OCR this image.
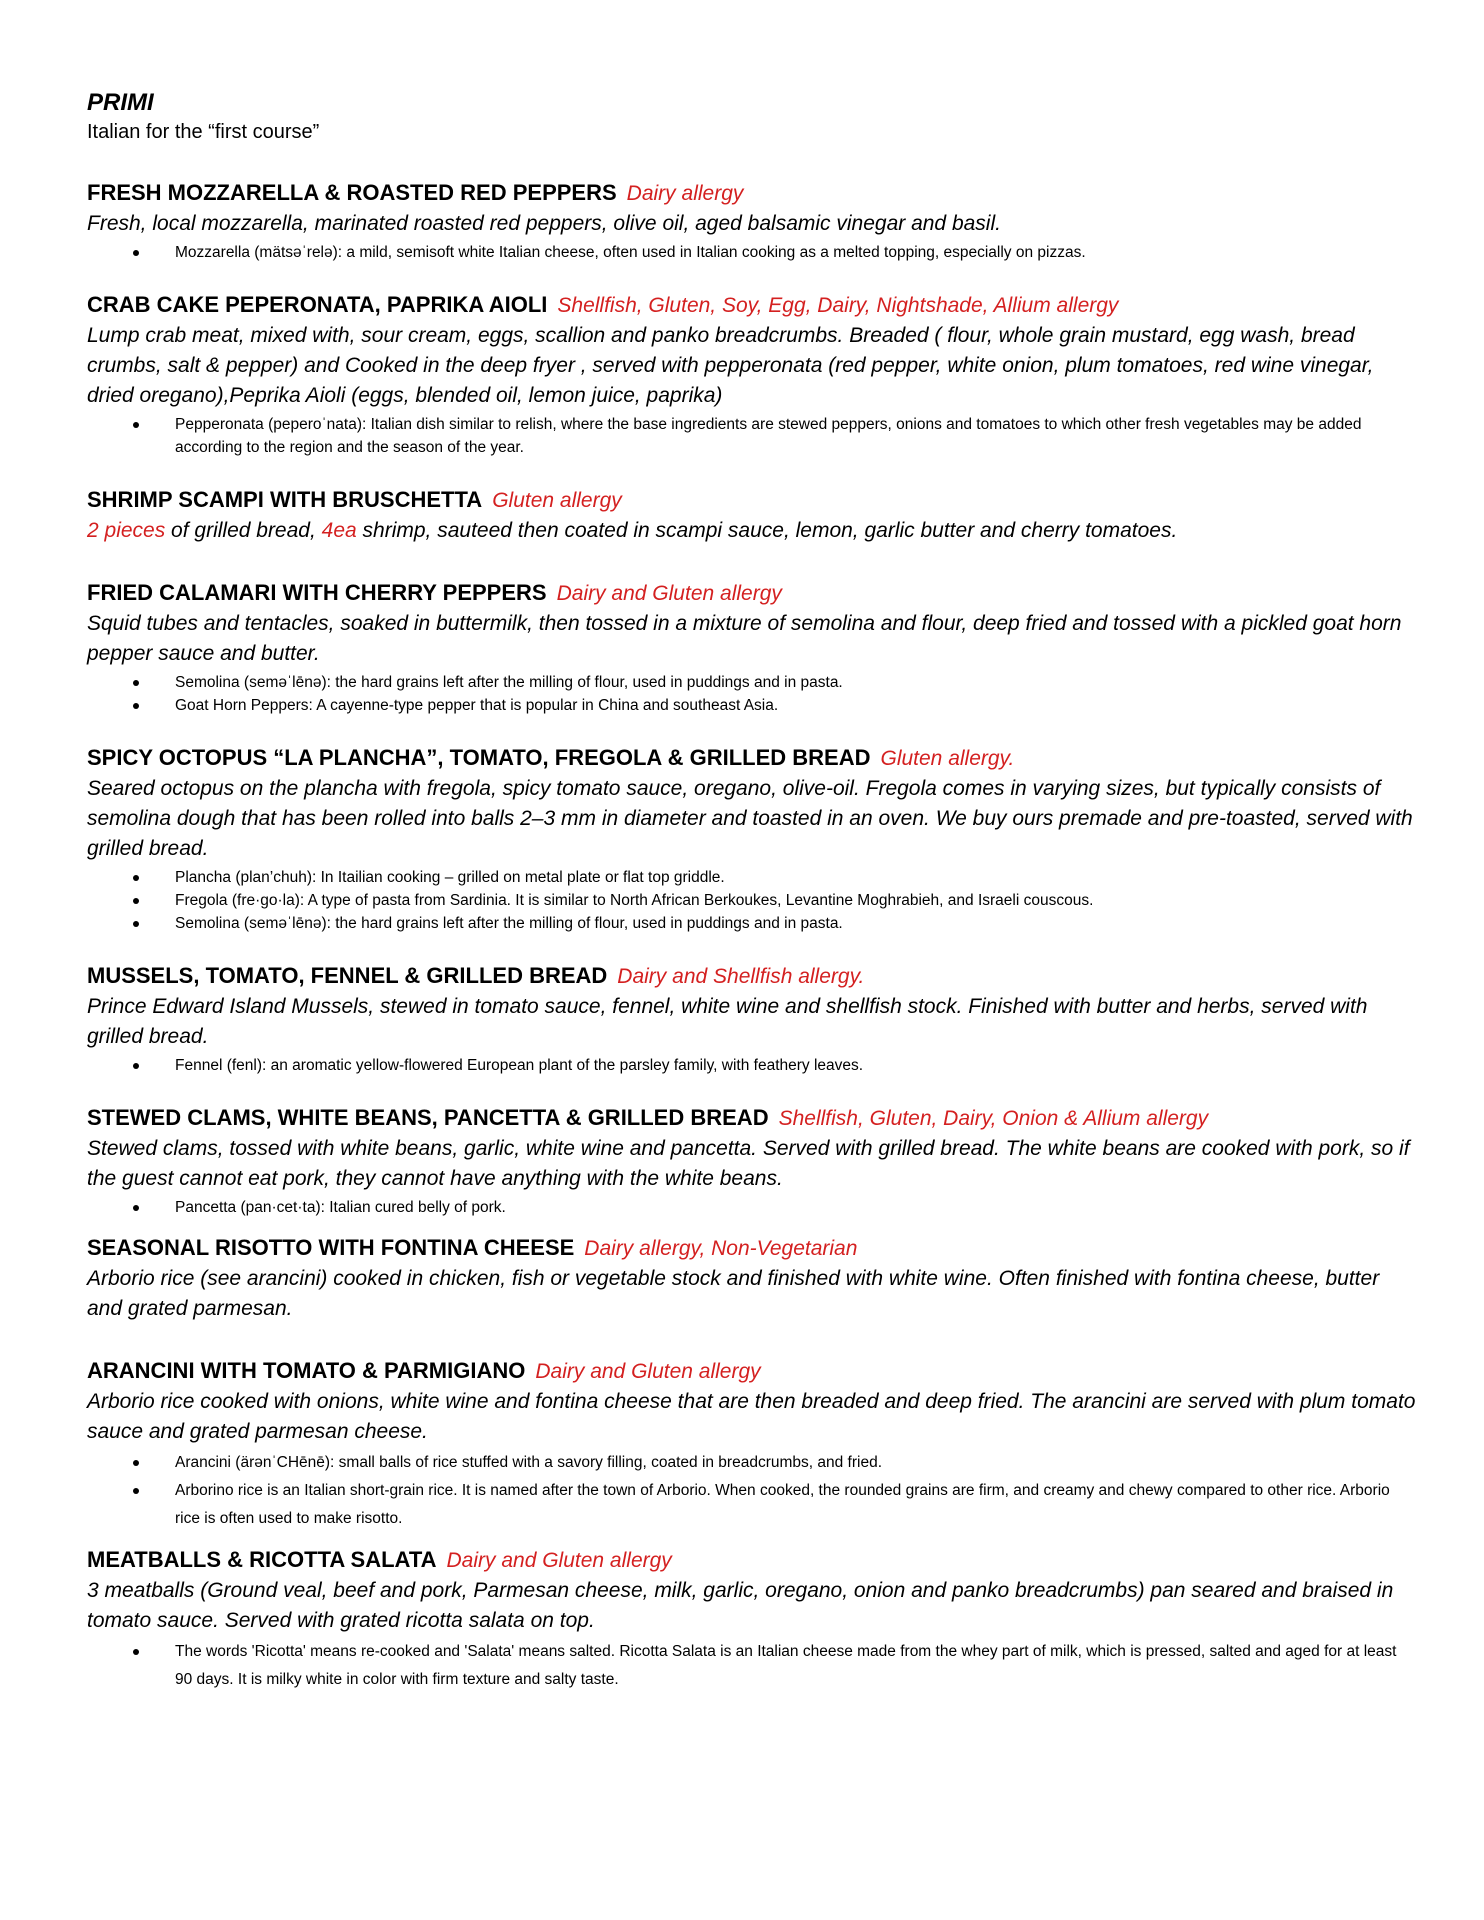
PRIMI

Italian for the “first course”

FRESH MOZZARELLA & ROASTED RED PEPPERS Dairy allergy

Fresh, local mozzarella, marinated roasted red peppers, olive oil, aged balsamic vinegar and basil.

Mozzarella (mätsəˈrelə): a mild, semisoft white Italian cheese, often used in Italian cooking as a melted topping, especially on pizzas.

CRAB CAKE PEPERONATA, PAPRIKA AIOLI Shellfish, Gluten, Soy, Egg, Dairy, Nightshade, Allium allergy

Lump crab meat, mixed with, sour cream, eggs, scallion and panko breadcrumbs. Breaded ( flour, whole grain mustard, egg wash, bread crumbs, salt & pepper) and Cooked in the deep fryer , served with pepperonata (red pepper, white onion, plum tomatoes, red wine vinegar, dried oregano),Peprika Aioli (eggs, blended oil, lemon juice, paprika)

Pepperonata (peperoˈnata): Italian dish similar to relish, where the base ingredients are stewed peppers, onions and tomatoes to which other fresh vegetables may be added according to the region and the season of the year.

SHRIMP SCAMPI WITH BRUSCHETTA Gluten allergy

2 pieces of grilled bread, 4ea shrimp, sauteed then coated in scampi sauce, lemon, garlic butter and cherry tomatoes.

FRIED CALAMARI WITH CHERRY PEPPERS Dairy and Gluten allergy

Squid tubes and tentacles, soaked in buttermilk, then tossed in a mixture of semolina and flour, deep fried and tossed with a pickled goat horn pepper sauce and butter.

Semolina (seməˈlēnə): the hard grains left after the milling of flour, used in puddings and in pasta.
Goat Horn Peppers: A cayenne-type pepper that is popular in China and southeast Asia.

SPICY OCTOPUS “LA PLANCHA”, TOMATO, FREGOLA & GRILLED BREAD Gluten allergy.

Seared octopus on the plancha with fregola, spicy tomato sauce, oregano, olive-oil. Fregola comes in varying sizes, but typically consists of semolina dough that has been rolled into balls 2–3 mm in diameter and toasted in an oven. We buy ours premade and pre-toasted, served with grilled bread.

Plancha (plan’chuh): In Itailian cooking – grilled on metal plate or flat top griddle.
Fregola (fre·go·la): A type of pasta from Sardinia. It is similar to North African Berkoukes, Levantine Moghrabieh, and Israeli couscous.
Semolina (seməˈlēnə): the hard grains left after the milling of flour, used in puddings and in pasta.

MUSSELS, TOMATO, FENNEL & GRILLED BREAD Dairy and Shellfish allergy.

Prince Edward Island Mussels, stewed in tomato sauce, fennel, white wine and shellfish stock. Finished with butter and herbs, served with grilled bread.

Fennel (fenl): an aromatic yellow-flowered European plant of the parsley family, with feathery leaves.

STEWED CLAMS, WHITE BEANS, PANCETTA & GRILLED BREAD Shellfish, Gluten, Dairy, Onion & Allium allergy

Stewed clams, tossed with white beans, garlic, white wine and pancetta. Served with grilled bread. The white beans are cooked with pork, so if the guest cannot eat pork, they cannot have anything with the white beans.

Pancetta (pan·cet·ta): Italian cured belly of pork.

SEASONAL RISOTTO WITH FONTINA CHEESE Dairy allergy, Non-Vegetarian

Arborio rice (see arancini) cooked in chicken, fish or vegetable stock and finished with white wine. Often finished with fontina cheese, butter and grated parmesan.

ARANCINI WITH TOMATO & PARMIGIANO Dairy and Gluten allergy

Arborio rice cooked with onions, white wine and fontina cheese that are then breaded and deep fried. The arancini are served with plum tomato sauce and grated parmesan cheese.

Arancini (ärənˈCHēnē): small balls of rice stuffed with a savory filling, coated in breadcrumbs, and fried.
Arborino rice is an Italian short-grain rice. It is named after the town of Arborio. When cooked, the rounded grains are firm, and creamy and chewy compared to other rice. Arborio rice is often used to make risotto.

MEATBALLS & RICOTTA SALATA Dairy and Gluten allergy

3 meatballs (Ground veal, beef and pork, Parmesan cheese, milk, garlic, oregano, onion and panko breadcrumbs) pan seared and braised in tomato sauce. Served with grated ricotta salata on top.

The words 'Ricotta' means re-cooked and 'Salata' means salted. Ricotta Salata is an Italian cheese made from the whey part of milk, which is pressed, salted and aged for at least 90 days. It is milky white in color with firm texture and salty taste.
